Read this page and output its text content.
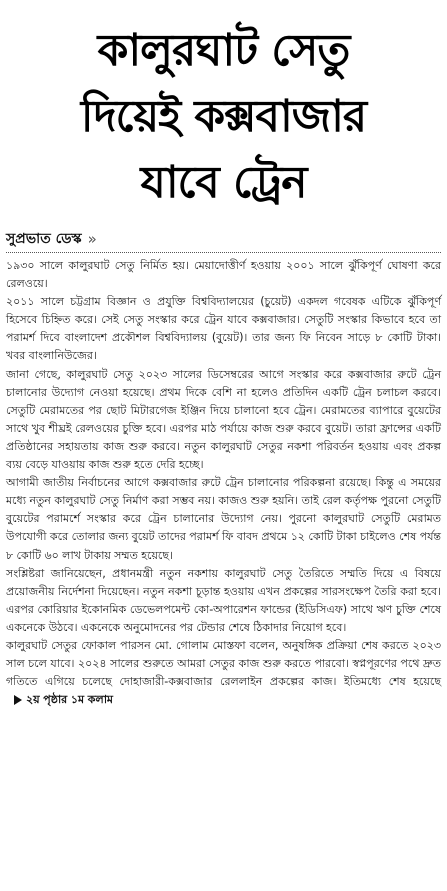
কালুরঘাট সেতু
দিয়েই কক্সবাজার
যাবে ট্রেন
সুপ্রভাত ডেস্ক »

১৯৩০ সালে কালুরঘাট সেতু নির্মিত হয়। মেয়াদোত্তীর্ণ হওয়ায় ২০০১ সালে ঝুঁকিপূর্ণ ঘোষণা করে রেলওয়ে।

২০১১ সালে চট্টগ্রাম বিজ্ঞান ও প্রযুক্তি বিশ্ববিদ্যালয়ের (চুয়েট) একদল গবেষক এটিকে ঝুঁকিপূর্ণ হিসেবে চিহ্নিত করে। সেই সেতু সংস্কার করে ট্রেন যাবে কক্সবাজার। সেতুটি সংস্কার কিভাবে হবে তা পরামর্শ দিবে বাংলাদেশ প্রকৌশল বিশ্ববিদ্যালয় (বুয়েট)। তার জন্য ফি নিবেন সাড়ে ৮ কোটি টাকা। খবর বাংলানিউজের।

জানা গেছে, কালুরঘাট সেতু ২০২৩ সালের ডিসেম্বরের আগে সংস্কার করে কক্সবাজার রুটে ট্রেন চালানোর উদ্যোগ নেওয়া হয়েছে। প্রথম দিকে বেশি না হলেও প্রতিদিন একটি ট্রেন চলাচল করবে। সেতুটি মেরামতের পর ছোট মিটারগেজ ইঞ্জিন দিয়ে চালানো হবে ট্রেন। মেরামতের ব্যাপারে বুয়েটের সাথে খুব শীঘ্রই রেলওয়ের চুক্তি হবে। এরপর মাঠ পর্যায়ে কাজ শুরু করবে বুয়েট। তারা ফ্রান্সের একটি প্রতিষ্ঠানের সহায়তায় কাজ শুরু করবে। নতুন কালুরঘাট সেতুর নকশা পরিবর্তন হওয়ায় এবং প্রকল্প ব্যয় বেড়ে যাওয়ায় কাজ শুরু হতে দেরি হচ্ছে।

আগামী জাতীয় নির্বাচনের আগে কক্সবাজার রুটে ট্রেন চালানোর পরিকল্পনা রয়েছে। কিন্তু এ সময়ের মধ্যে নতুন কালুরঘাট সেতু নির্মাণ করা সম্ভব নয়। কাজও শুরু হয়নি। তাই রেল কর্তৃপক্ষ পুরনো সেতুটি বুয়েটের পরামর্শে সংস্কার করে ট্রেন চালানোর উদ্যোগ নেয়। পুরনো কালুরঘাট সেতুটি মেরামত উপযোগী করে তোলার জন্য বুয়েট তাদের পরামর্শ ফি বাবদ প্রথমে ১২ কোটি টাকা চাইলেও শেষ পর্যন্ত ৮ কোটি ৬০ লাখ টাকায় সম্মত হয়েছে।

সংশ্লিষ্টরা জানিয়েছেন, প্রধানমন্ত্রী নতুন নকশায় কালুরঘাট সেতু তৈরিতে সম্মতি দিয়ে এ বিষয়ে প্রয়োজনীয় নির্দেশনা দিয়েছেন। নতুন নকশা চূড়ান্ত হওয়ায় এখন প্রকল্পের সারসংক্ষেপ তৈরি করা হবে। এরপর কোরিয়ার ইকোনমিক ডেভেলপমেন্ট কো-অপারেশন ফান্ডের (ইডিসিএফ) সাথে ঋণ চুক্তি শেষে একনেকে উঠবে। একনেকে অনুমোদনের পর টেন্ডার শেষে ঠিকাদার নিয়োগ হবে।

কালুরঘাট সেতুর ফোকাল পারসন মো. গোলাম মোস্তফা বলেন, অনুষঙ্গিক প্রক্রিয়া শেষ করতে ২০২৩ সাল চলে যাবে। ২০২৪ সালের শুরুতে আমরা সেতুর কাজ শুরু করতে পারবো। স্বপ্নপূরণের পথে দ্রুত গতিতে এগিয়ে চলেছে দোহাজারী-কক্সবাজার রেললাইন প্রকল্পের কাজ। ইতিমধ্যে শেষ হয়েছে২য় পৃষ্ঠার ১ম কলাম
